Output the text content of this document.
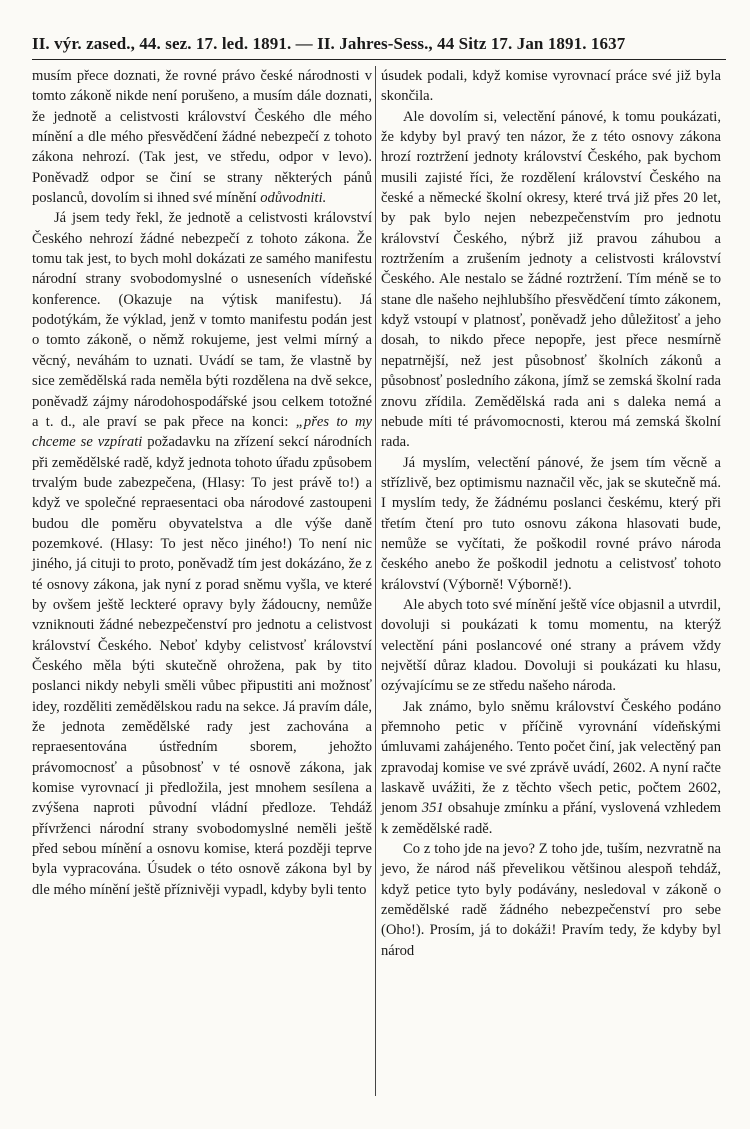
II. výr. zased., 44. sez. 17. led. 1891. — II. Jahres-Sess., 44 Sitz 17. Jan 1891. 1637

musím přece doznati, že rovné právo české národnosti v tomto zákoně nikde není porušeno, a musím dále doznati, že jednotě a celistvosti království Českého dle mého mínění a dle mého přesvědčení žádné nebezpečí z tohoto zákona nehrozí. (Tak jest, ve středu, odpor v levo). Poněvadž odpor se činí se strany některých pánů poslanců, dovolím si ihned své mínění odůvodniti.

Já jsem tedy řekl, že jednotě a celistvosti království Českého nehrozí žádné nebezpečí z tohoto zákona. Že tomu tak jest, to bych mohl dokázati ze samého manifestu národní strany svobodomyslné o usneseních vídeňské konference. (Okazuje na výtisk manifestu). Já podotýkám, že výklad, jenž v tomto manifestu podán jest o tomto zákoně, o němž rokujeme, jest velmi mírný a věcný, neváhám to uznati. Uvádí se tam, že vlastně by sice zemědělská rada neměla býti rozdělena na dvě sekce, poněvadž zájmy národohospodářské jsou celkem totožné a t. d., ale praví se pak přece na konci: „přes to my chceme se vzpírati požadavku na zřízení sekcí národních při zemědělské radě, když jednota tohoto úřadu způsobem trvalým bude zabezpečena, (Hlasy: To jest právě to!) a když ve společné repraesentaci oba národové zastoupeni budou dle poměru obyvatelstva a dle výše daně pozemkové. (Hlasy: To jest něco jiného!) To není nic jiného, já cituji to proto, poněvadž tím jest dokázáno, že z té osnovy zákona, jak nyní z porad sněmu vyšla, ve které by ovšem ještě leckteré opravy byly žádoucny, nemůže vzniknouti žádné nebezpečenství pro jednotu a celistvost království Českého. Neboť kdyby celistvosť království Českého měla býti skutečně ohrožena, pak by tito poslanci nikdy nebyli směli vůbec připustiti ani možnosť idey, rozděliti zemědělskou radu na sekce. Já pravím dále, že jednota zemědělské rady jest zachována a repraesentována ústředním sborem, jehožto právomocnosť a působnosť v té osnově zákona, jak komise vyrovnací ji předložila, jest mnohem sesílena a zvýšena naproti původní vládní předloze. Tehdáž přívrženci národní strany svobodomyslné neměli ještě před sebou mínění a osnovu komise, která později teprve byla vypracována. Úsudek o této osnově zákona byl by dle mého mínění ještě příznivěji vypadl, kdyby byli tento

úsudek podali, když komise vyrovnací práce své již byla skončila.

Ale dovolím si, velectění pánové, k tomu poukázati, že kdyby byl pravý ten názor, že z této osnovy zákona hrozí roztržení jednoty království Českého, pak bychom musili zajisté říci, že rozdělení království Českého na české a německé školní okresy, které trvá již přes 20 let, by pak bylo nejen nebezpečenstvím pro jednotu království Českého, nýbrž již pravou záhubou a roztržením a zrušením jednoty a celistvosti království Českého. Ale nestalo se žádné roztržení. Tím méně se to stane dle našeho nejhlubšího přesvědčení tímto zákonem, když vstoupí v platnosť, poněvadž jeho důležitosť a jeho dosah, to nikdo přece nepopře, jest přece nesmírně nepatrnější, než jest působnosť školních zákonů a působnosť posledního zákona, jímž se zemská školní rada znovu zřídila. Zemědělská rada ani s daleka nemá a nebude míti té právomocnosti, kterou má zemská školní rada.

Já myslím, velectění pánové, že jsem tím věcně a střízlivě, bez optimismu naznačil věc, jak se skutečně má. I myslím tedy, že žádnému poslanci českému, který při třetím čtení pro tuto osnovu zákona hlasovati bude, nemůže se vyčítati, že poškodil rovné právo národa českého anebo že poškodil jednotu a celistvosť tohoto království (Výborně! Výborně!).

Ale abych toto své mínění ještě více objasnil a utvrdil, dovoluji si poukázati k tomu momentu, na kterýž velectění páni poslancové oné strany a právem vždy největší důraz kladou. Dovoluji si poukázati ku hlasu, ozývajícímu se ze středu našeho národa.

Jak známo, bylo sněmu království Českého podáno přemnoho petic v příčině vyrovnání vídeňskými úmluvami zahájeného. Tento počet činí, jak velectěný pan zpravodaj komise ve své zprávě uvádí, 2602. A nyní račte laskavě uvážiti, že z těchto všech petic, počtem 2602, jenom 351 obsahuje zmínku a přání, vyslovená vzhledem k zemědělské radě.

Co z toho jde na jevo? Z toho jde, tuším, nezvratně na jevo, že národ náš převelikou většinou alespoň tehdáž, když petice tyto byly podávány, nesledoval v zákoně o zemědělské radě žádného nebezpečenství pro sebe (Oho!). Prosím, já to dokáži! Pravím tedy, že kdyby byl národ
